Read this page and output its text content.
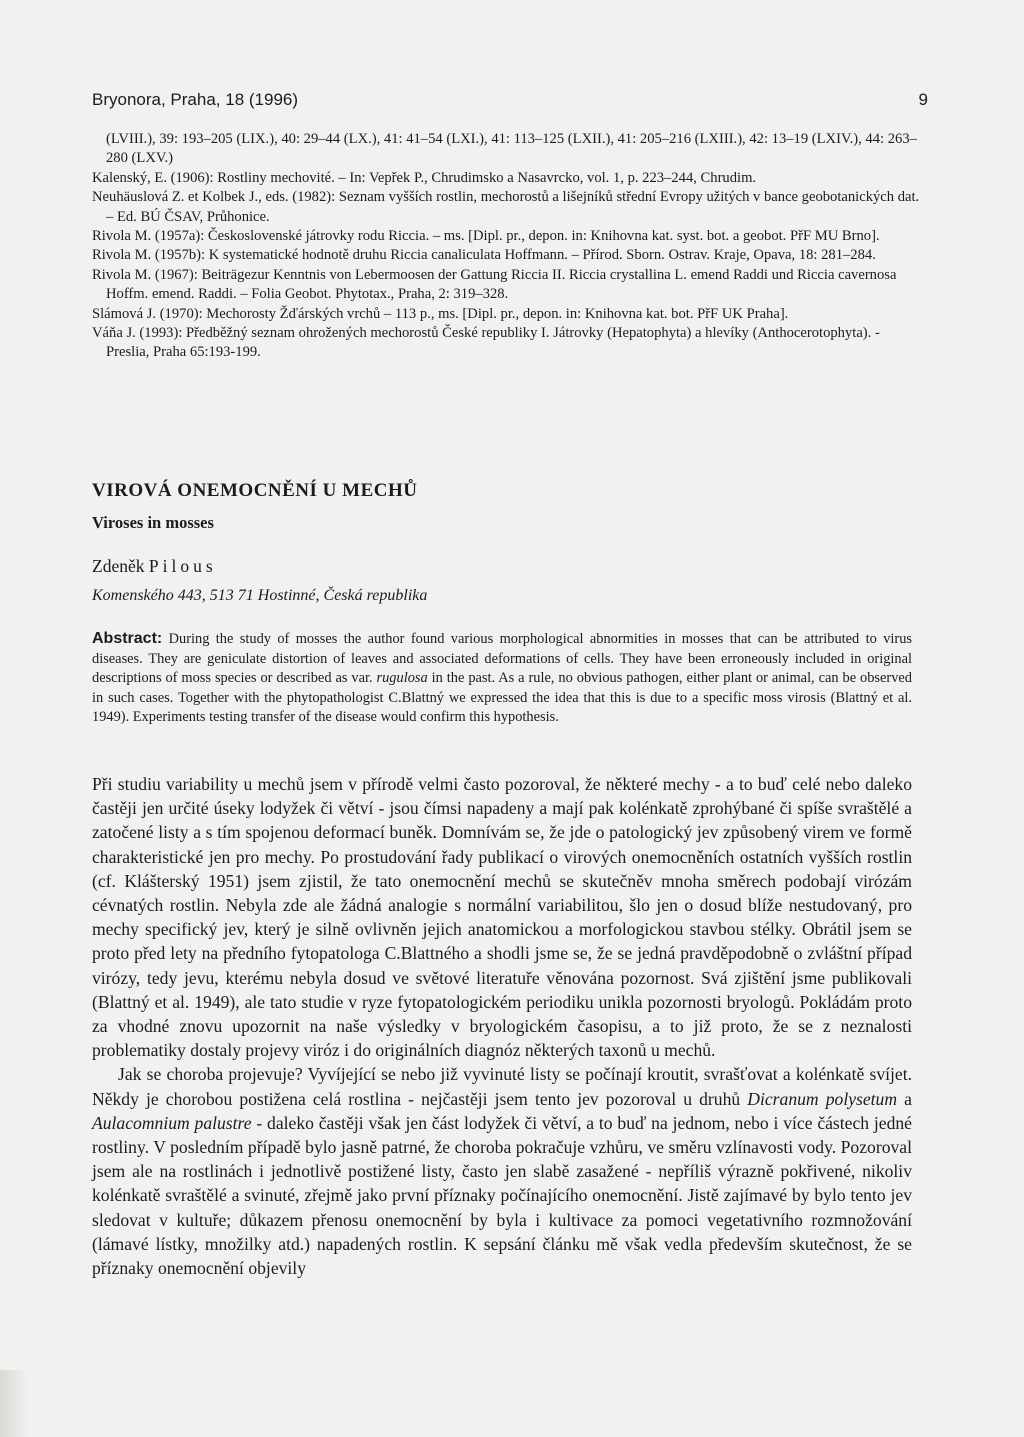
Bryonora, Praha, 18 (1996)	9

(LVIII.), 39: 193–205 (LIX.), 40: 29–44 (LX.), 41: 41–54 (LXI.), 41: 113–125 (LXII.), 41: 205–216 (LXIII.), 42: 13–19 (LXIV.), 44: 263–280 (LXV.)

Kalenský, E. (1906): Rostliny mechovité. – In: Vepřek P., Chrudimsko a Nasavrcko, vol. 1, p. 223–244, Chrudim.

Neuhäuslová Z. et Kolbek J., eds. (1982): Seznam vyšších rostlin, mechorostů a lišejníků střední Evropy užitých v bance geobotanických dat. – Ed. BÚ ČSAV, Průhonice.

Rivola M. (1957a): Československé játrovky rodu Riccia. – ms. [Dipl. pr., depon. in: Knihovna kat. syst. bot. a geobot. PřF MU Brno].

Rivola M. (1957b): K systematické hodnotě druhu Riccia canaliculata Hoffmann. – Přírod. Sborn. Ostrav. Kraje, Opava, 18: 281–284.

Rivola M. (1967): Beiträgezur Kenntnis von Lebermoosen der Gattung Riccia II. Riccia crystallina L. emend Raddi und Riccia cavernosa Hoffm. emend. Raddi. – Folia Geobot. Phytotax., Praha, 2: 319–328.

Slámová J. (1970): Mechorosty Žďárských vrchů – 113 p., ms. [Dipl. pr., depon. in: Knihovna kat. bot. PřF UK Praha].

Váňa J. (1993): Předběžný seznam ohrožených mechorostů České republiky I. Játrovky (Hepatophyta) a hlevíky (Anthocerotophyta). - Preslia, Praha 65:193-199.

VIROVÁ ONEMOCNĚNÍ U MECHŮ
Viroses in mosses
Zdeněk Pilous
Komenského 443, 513 71 Hostinné, Česká republika
Abstract: During the study of mosses the author found various morphological abnormities in mosses that can be attributed to virus diseases. They are geniculate distortion of leaves and associated deformations of cells. They have been erroneously included in original descriptions of moss species or described as var. rugulosa in the past. As a rule, no obvious pathogen, either plant or animal, can be observed in such cases. Together with the phytopathologist C.Blattný we expressed the idea that this is due to a specific moss virosis (Blattný et al. 1949). Experiments testing transfer of the disease would confirm this hypothesis.

Při studiu variability u mechů jsem v přírodě velmi často pozoroval, že některé mechy - a to buď celé nebo daleko častěji jen určité úseky lodyžek či větví - jsou čímsi napadeny a mají pak kolénkatě zprohýbané či spíše svraštělé a zatočené listy a s tím spojenou deformací buněk. Domnívám se, že jde o patologický jev způsobený virem ve formě charakteristické jen pro mechy. Po prostudování řady publikací o virových onemocněních ostatních vyšších rostlin (cf. Klášterský 1951) jsem zjistil, že tato onemocnění mechů se skutečněv mnoha směrech podobají virózám cévnatých rostlin. Nebyla zde ale žádná analogie s normální variabilitou, šlo jen o dosud blíže nestudovaný, pro mechy specifický jev, který je silně ovlivněn jejich anatomickou a morfologickou stavbou stélky. Obrátil jsem se proto před lety na předního fytopatologa C.Blattného a shodli jsme se, že se jedná pravděpodobně o zvláštní případ virózy, tedy jevu, kterému nebyla dosud ve světové literatuře věnována pozornost. Svá zjištění jsme publikovali (Blattný et al. 1949), ale tato studie v ryze fytopatologickém periodiku unikla pozornosti bryologů. Pokládám proto za vhodné znovu upozornit na naše výsledky v bryologickém časopisu, a to již proto, že se z neznalosti problematiky dostaly projevy viróz i do originálních diagnóz některých taxonů u mechů.

Jak se choroba projevuje? Vyvíjející se nebo již vyvinuté listy se počínají kroutit, svrašťovat a kolénkatě svíjet. Někdy je chorobou postižena celá rostlina - nejčastěji jsem tento jev pozoroval u druhů Dicranum polysetum a Aulacomnium palustre - daleko častěji však jen část lodyžek či větví, a to buď na jednom, nebo i více částech jedné rostliny. V posledním případě bylo jasně patrné, že choroba pokračuje vzhůru, ve směru vzlínavosti vody. Pozoroval jsem ale na rostlinách i jednotlivě postižené listy, často jen slabě zasažené - nepříliš výrazně pokřivené, nikoliv kolénkatě svraštělé a svinuté, zřejmě jako první příznaky počínajícího onemocnění. Jistě zajímavé by bylo tento jev sledovat v kultuře; důkazem přenosu onemocnění by byla i kultivace za pomoci vegetativního rozmnožování (lámavé lístky, množilky atd.) napadených rostlin. K sepsání článku mě však vedla především skutečnost, že se příznaky onemocnění objevily
